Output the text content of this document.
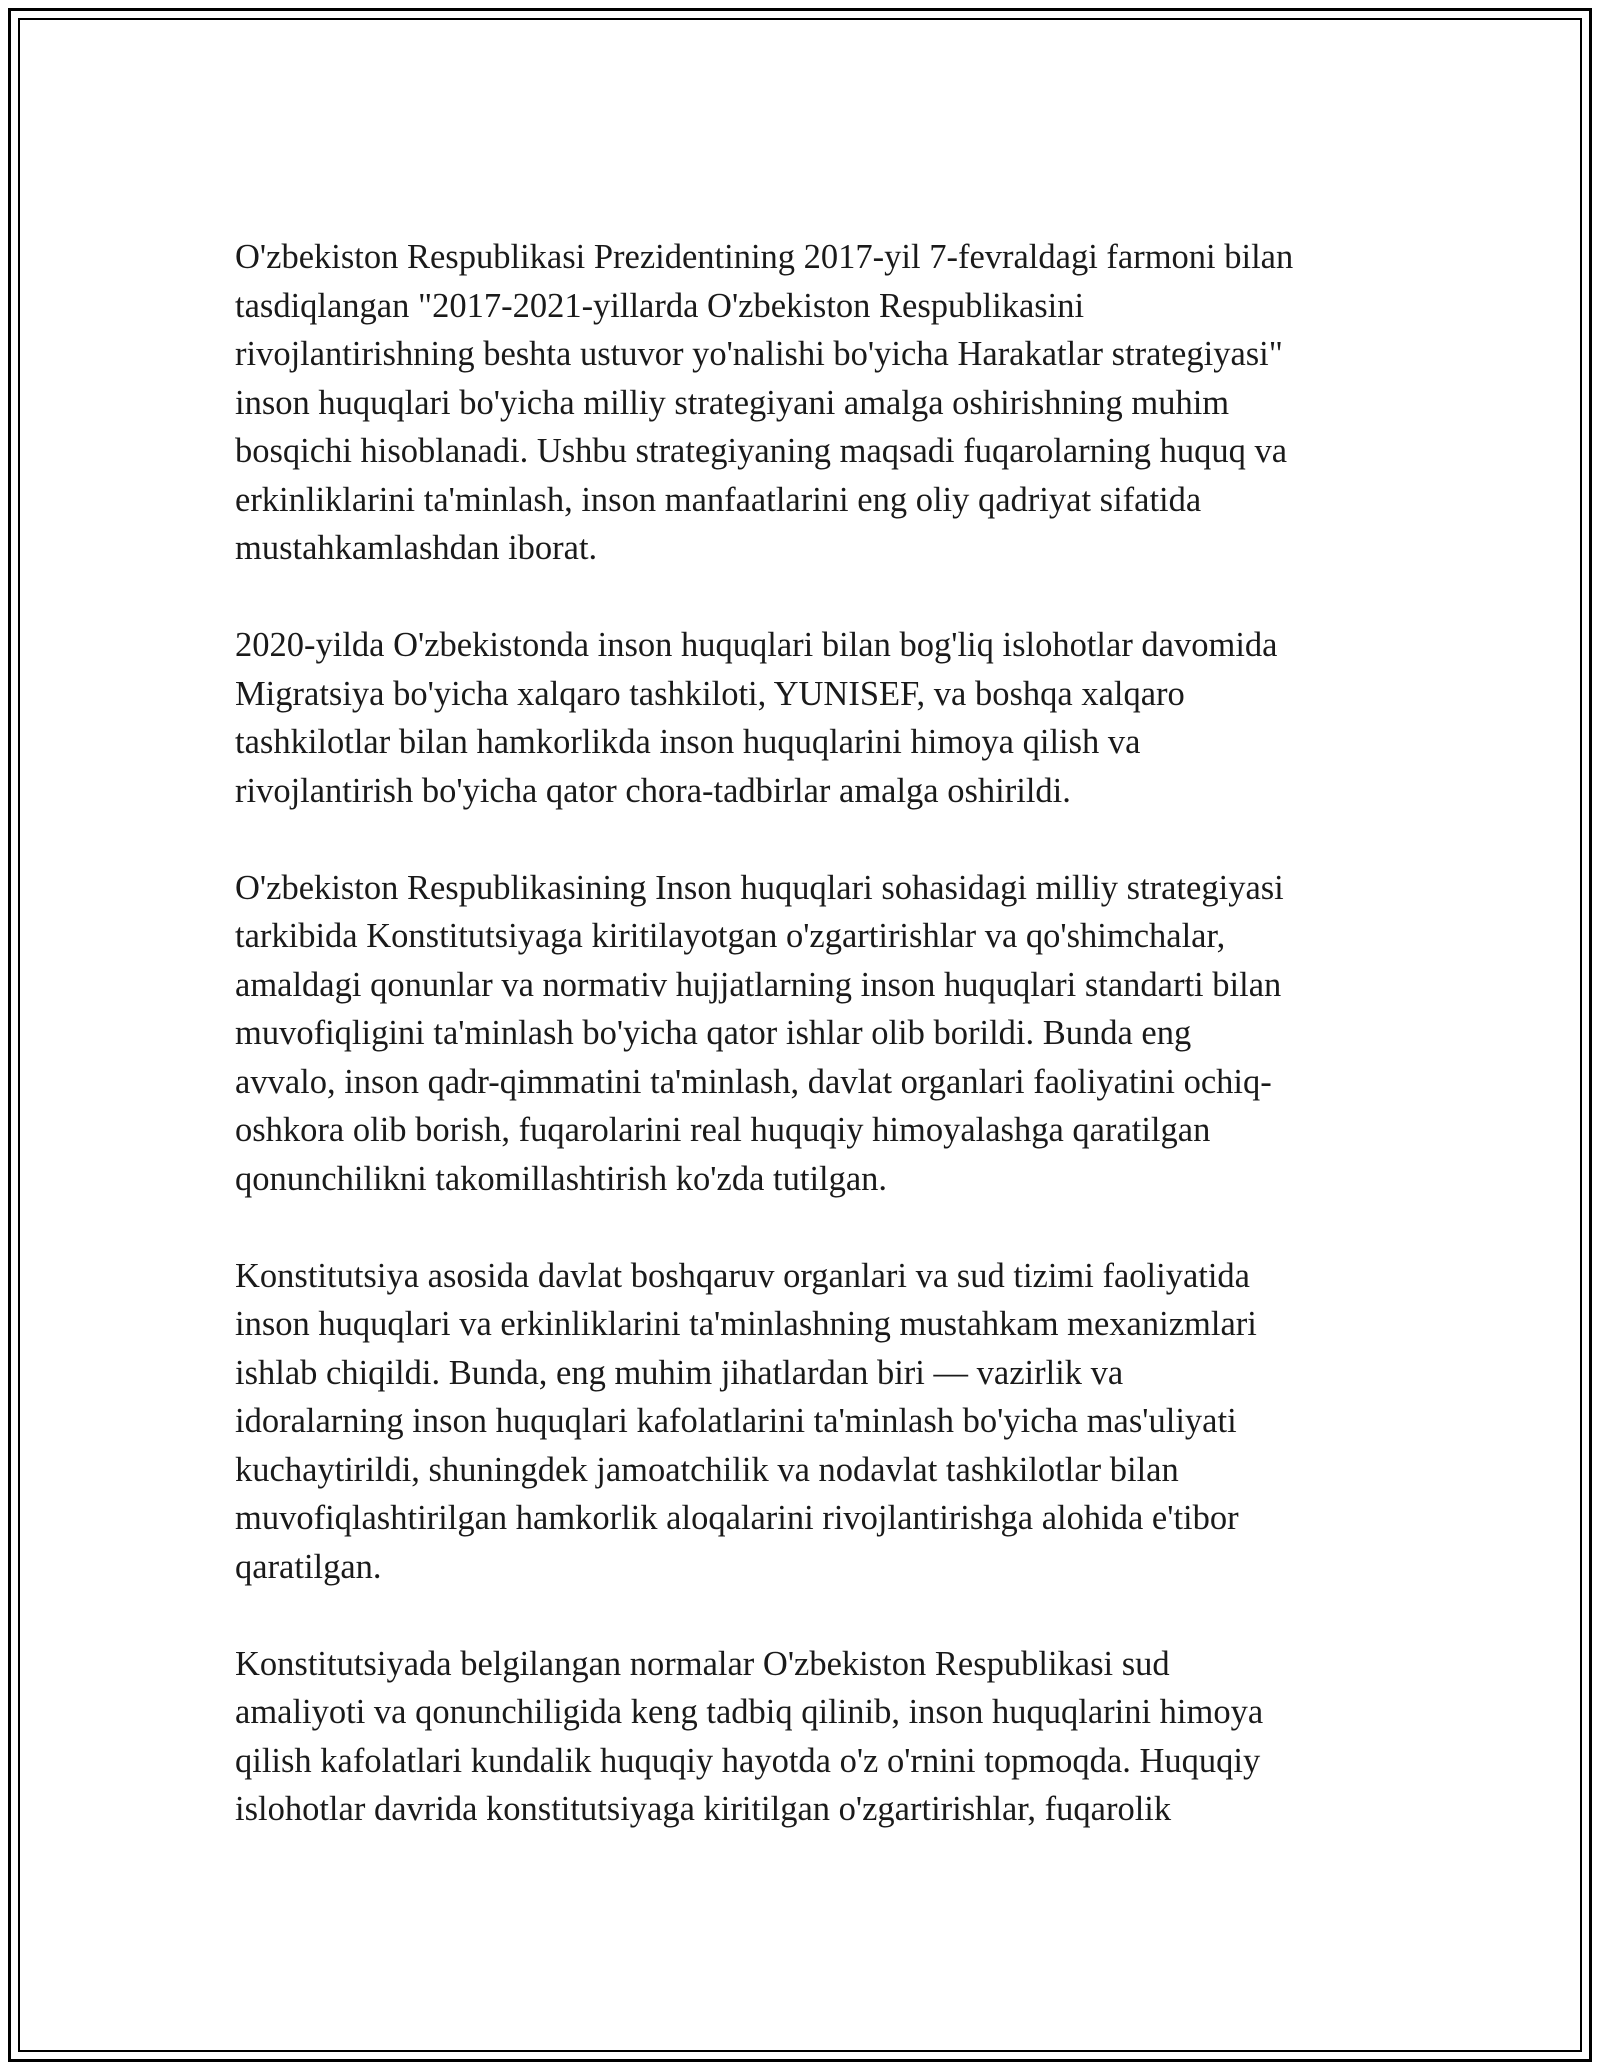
O'zbekiston Respublikasi Prezidentining 2017-yil 7-fevraldagi farmoni bilan
tasdiqlangan "2017-2021-yillarda O'zbekiston Respublikasini
rivojlantirishning beshta ustuvor yo'nalishi bo'yicha Harakatlar strategiyasi"
inson huquqlari bo'yicha milliy strategiyani amalga oshirishning muhim
bosqichi hisoblanadi. Ushbu strategiyaning maqsadi fuqarolarning huquq va
erkinliklarini ta'minlash, inson manfaatlarini eng oliy qadriyat sifatida
mustahkamlashdan iborat.

2020-yilda O'zbekistonda inson huquqlari bilan bog'liq islohotlar davomida
Migratsiya bo'yicha xalqaro tashkiloti, YUNISEF, va boshqa xalqaro
tashkilotlar bilan hamkorlikda inson huquqlarini himoya qilish va
rivojlantirish bo'yicha qator chora-tadbirlar amalga oshirildi.

O'zbekiston Respublikasining Inson huquqlari sohasidagi milliy strategiyasi
tarkibida Konstitutsiyaga kiritilayotgan o'zgartirishlar va qo'shimchalar,
amaldagi qonunlar va normativ hujjatlarning inson huquqlari standarti bilan
muvofiqligini ta'minlash bo'yicha qator ishlar olib borildi. Bunda eng
avvalo, inson qadr-qimmatini ta'minlash, davlat organlari faoliyatini ochiq-
oshkora olib borish, fuqarolarini real huquqiy himoyalashga qaratilgan
qonunchilikni takomillashtirish ko'zda tutilgan.

Konstitutsiya asosida davlat boshqaruv organlari va sud tizimi faoliyatida
inson huquqlari va erkinliklarini ta'minlashning mustahkam mexanizmlari
ishlab chiqildi. Bunda, eng muhim jihatlardan biri — vazirlik va
idoralarning inson huquqlari kafolatlarini ta'minlash bo'yicha mas'uliyati
kuchaytirildi, shuningdek jamoatchilik va nodavlat tashkilotlar bilan
muvofiqlashtirilgan hamkorlik aloqalarini rivojlantirishga alohida e'tibor
qaratilgan.

Konstitutsiyada belgilangan normalar O'zbekiston Respublikasi sud
amaliyoti va qonunchiligida keng tadbiq qilinib, inson huquqlarini himoya
qilish kafolatlari kundalik huquqiy hayotda o'z o'rnini topmoqda. Huquqiy
islohotlar davrida konstitutsiyaga kiritilgan o'zgartirishlar, fuqarolik
